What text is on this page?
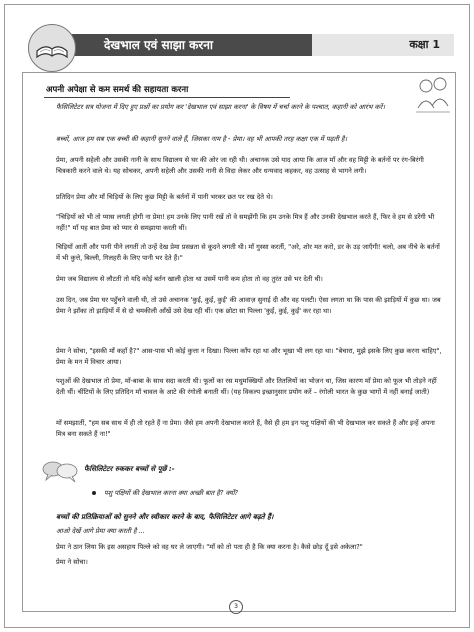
देखभाल एवं साझा करना	कक्षा 1
अपनी अपेक्षा से कम समर्थ की सहायता करना

फैसिलिटेटर सत्र योजना में दिए हुए प्रश्नों का प्रयोग कर 'देखभाल एवं साझा करना' के विषय में चर्चा करने के पश्चात, कहानी को आरंभ करें।

बच्चों, आज हम सब एक बच्ची की कहानी सुनने वाले हैं, जिसका नाम है - प्रेमा। वह भी आपकी तरह कक्षा एक में पढ़ती है।

प्रेमा, अपनी सहेली और उसकी नानी के साथ विद्यालय से घर की ओर जा रही थी। अचानक उसे याद आया कि आज माँ और वह मिट्टी के बर्तनों पर रंग-बिरंगी चित्रकारी करने वाले थे। यह सोचकर, अपनी सहेली और उसकी नानी से विदा लेकर और धन्यवाद कहकर, वह उत्साह से भागने लगी।

प्रतिदिन प्रेमा और माँ चिड़ियों के लिए कुछ मिट्टी के बर्तनों में पानी भरकर छत पर रख देते थे।

"चिड़ियों को भी तो प्यास लगती होगी ना प्रेमा! हम उनके लिए पानी रखें तो वे समझेंगी कि हम उनके मित्र हैं और उनकी देखभाल करते हैं, फिर वे हम से डरेंगी भी नहीं!" माँ यह बात प्रेमा को प्यार से समझाया करती थीं।

चिड़ियाँ आतीं और पानी पीने लगतीं तो उन्हें देख प्रेमा प्रसन्नता से कूदने लगती थी। माँ गुस्सा करतीं, "अरे, शोर मत करो, डर के उड़ जाएँगी! चलो, अब नीचे के बर्तनों में भी कुत्ते, बिल्ली, गिलहरी के लिए पानी भर देते हैं।"

प्रेमा जब विद्यालय से लौटती तो यदि कोई बर्तन खाली होता था उसमें पानी कम होता तो वह तुरंत उसे भर देती थी।

उस दिन, जब प्रेमा घर पहुँचने वाली थी, तो उसे अचानक 'कुईं, कुईं, कुईं' की आवाज़ सुनाई दी और वह पलटी। ऐसा लगता था कि पास की झाड़ियों में कुछ था। जब प्रेमा ने झाँका तो झाड़ियों में से दो चमकीली आँखें उसे देख रही थीं। एक छोटा सा पिल्ला 'कुईं, कुईं, कुईं' कर रहा था।

प्रेमा ने सोचा, "इसकी माँ कहाँ है?" आस-पास भी कोई कुत्ता न दिखा। पिल्ला काँप रहा था और भूखा भी लग रहा था। "बेचारा, मुझे इसके लिए कुछ करना चाहिए", प्रेमा के मन में विचार आया।

पशुओं की देखभाल तो प्रेमा, माँ-बाबा के साथ सदा करती थी। फूलों का रस मधुमक्खियों और तितलियों का भोजन था, जिस कारण माँ प्रेमा को फूल भी तोड़ने नहीं देती थीं। चींटियों के लिए प्रतिदिन माँ चावल के आटे की रंगोली बनाती थीं। (यह विकल्प इच्छानुसार प्रयोग करें – रंगोली भारत के कुछ भागों में नहीं बनाई जाती)

माँ समझातीं, "हम सब साथ में ही तो रहते हैं ना प्रेमा। जैसे हम अपनी देखभाल करते हैं, वैसे ही हम इन पशु पक्षियों की भी देखभाल कर सकते हैं और इन्हें अपना मित्र बना सकते हैं ना!"

फैसिलिटेटर रुककर बच्चों से पूछें :-
पशु पक्षियों की देखभाल करना क्या अच्छी बात है? क्यों?
बच्चों की प्रतिक्रियाओं को सुनने और स्वीकार करने के बाद, फैसिलिटेटर आगे बढ़ते हैं।

आओ देखें आगे प्रेमा क्या करती है ...

प्रेमा ने ठान लिया कि इस असहाय पिल्ले को वह घर ले जाएगी। "माँ को तो पता ही है कि क्या करना है। कैसे छोड़ दूँ इसे अकेला?"

प्रेमा ने सोचा।

3
